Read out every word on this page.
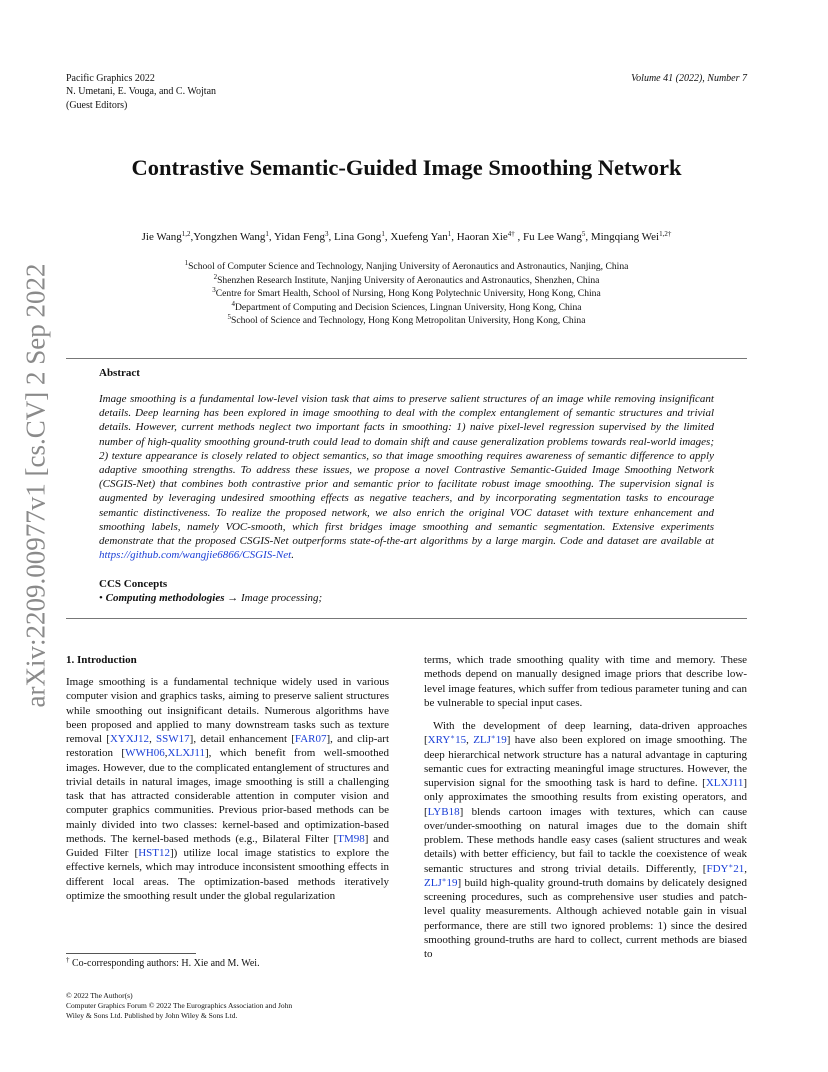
Pacific Graphics 2022
N. Umetani, E. Vouga, and C. Wojtan
(Guest Editors)
Volume 41 (2022), Number 7
arXiv:2209.00977v1 [cs.CV] 2 Sep 2022
Contrastive Semantic-Guided Image Smoothing Network
Jie Wang$^{1,2}$,Yongzhen Wang$^1$, Yidan Feng$^3$, Lina Gong$^1$, Xuefeng Yan$^1$, Haoran Xie$^{4\dagger}$ , Fu Lee Wang$^5$, Mingqiang Wei$^{1,2\dagger}$
$^1$School of Computer Science and Technology, Nanjing University of Aeronautics and Astronautics, Nanjing, China
$^2$Shenzhen Research Institute, Nanjing University of Aeronautics and Astronautics, Shenzhen, China
$^3$Centre for Smart Health, School of Nursing, Hong Kong Polytechnic University, Hong Kong, China
$^4$Department of Computing and Decision Sciences, Lingnan University, Hong Kong, China
$^5$School of Science and Technology, Hong Kong Metropolitan University, Hong Kong, China
Abstract

Image smoothing is a fundamental low-level vision task that aims to preserve salient structures of an image while removing insignificant details. Deep learning has been explored in image smoothing to deal with the complex entanglement of semantic structures and trivial details. However, current methods neglect two important facts in smoothing: 1) naive pixel-level regression supervised by the limited number of high-quality smoothing ground-truth could lead to domain shift and cause generalization problems towards real-world images; 2) texture appearance is closely related to object semantics, so that image smoothing requires awareness of semantic difference to apply adaptive smoothing strengths. To address these issues, we propose a novel Contrastive Semantic-Guided Image Smoothing Network (CSGIS-Net) that combines both contrastive prior and semantic prior to facilitate robust image smoothing. The supervision signal is augmented by leveraging undesired smoothing effects as negative teachers, and by incorporating segmentation tasks to encourage semantic distinctiveness. To realize the proposed network, we also enrich the original VOC dataset with texture enhancement and smoothing labels, namely VOC-smooth, which first bridges image smoothing and semantic segmentation. Extensive experiments demonstrate that the proposed CSGIS-Net outperforms state-of-the-art algorithms by a large margin. Code and dataset are available at https://github.com/wangjie6866/CSGIS-Net.

CCS Concepts
• Computing methodologies → Image processing;
1. Introduction

Image smoothing is a fundamental technique widely used in various computer vision and graphics tasks, aiming to preserve salient structures while smoothing out insignificant details. Numerous algorithms have been proposed and applied to many downstream tasks such as texture removal [XYXJ12, SSW17], detail enhancement [FAR07], and clip-art restoration [WWH06,XLXJ11], which benefit from well-smoothed images. However, due to the complicated entanglement of structures and trivial details in natural images, image smoothing is still a challenging task that has attracted considerable attention in computer vision and computer graphics communities. Previous prior-based methods can be mainly divided into two classes: kernel-based and optimization-based methods. The kernel-based methods (e.g., Bilateral Filter [TM98] and Guided Filter [HST12]) utilize local image statistics to explore the effective kernels, which may introduce inconsistent smoothing effects in different local areas. The optimization-based methods iteratively optimize the smoothing result under the global regularization

terms, which trade smoothing quality with time and memory. These methods depend on manually designed image priors that describe low-level image features, which suffer from tedious parameter tuning and can be vulnerable to special input cases.

With the development of deep learning, data-driven approaches [XRY∗15, ZLJ∗19] have also been explored on image smoothing. The deep hierarchical network structure has a natural advantage in capturing semantic cues for extracting meaningful image structures. However, the supervision signal for the smoothing task is hard to define. [XLXJ11] only approximates the smoothing results from existing operators, and [LYB18] blends cartoon images with textures, which can cause over/under-smoothing on natural images due to the domain shift problem. These methods handle easy cases (salient structures and weak details) with better efficiency, but fail to tackle the coexistence of weak semantic structures and strong trivial details. Differently, [FDY∗21, ZLJ∗19] build high-quality ground-truth domains by delicately designed screening procedures, such as comprehensive user studies and patch-level quality measurements. Although achieved notable gain in visual performance, there are still two ignored problems: 1) since the desired smoothing ground-truths are hard to collect, current methods are biased to

† Co-corresponding authors: H. Xie and M. Wei.
© 2022 The Author(s)
Computer Graphics Forum © 2022 The Eurographics Association and John
Wiley & Sons Ltd. Published by John Wiley & Sons Ltd.
